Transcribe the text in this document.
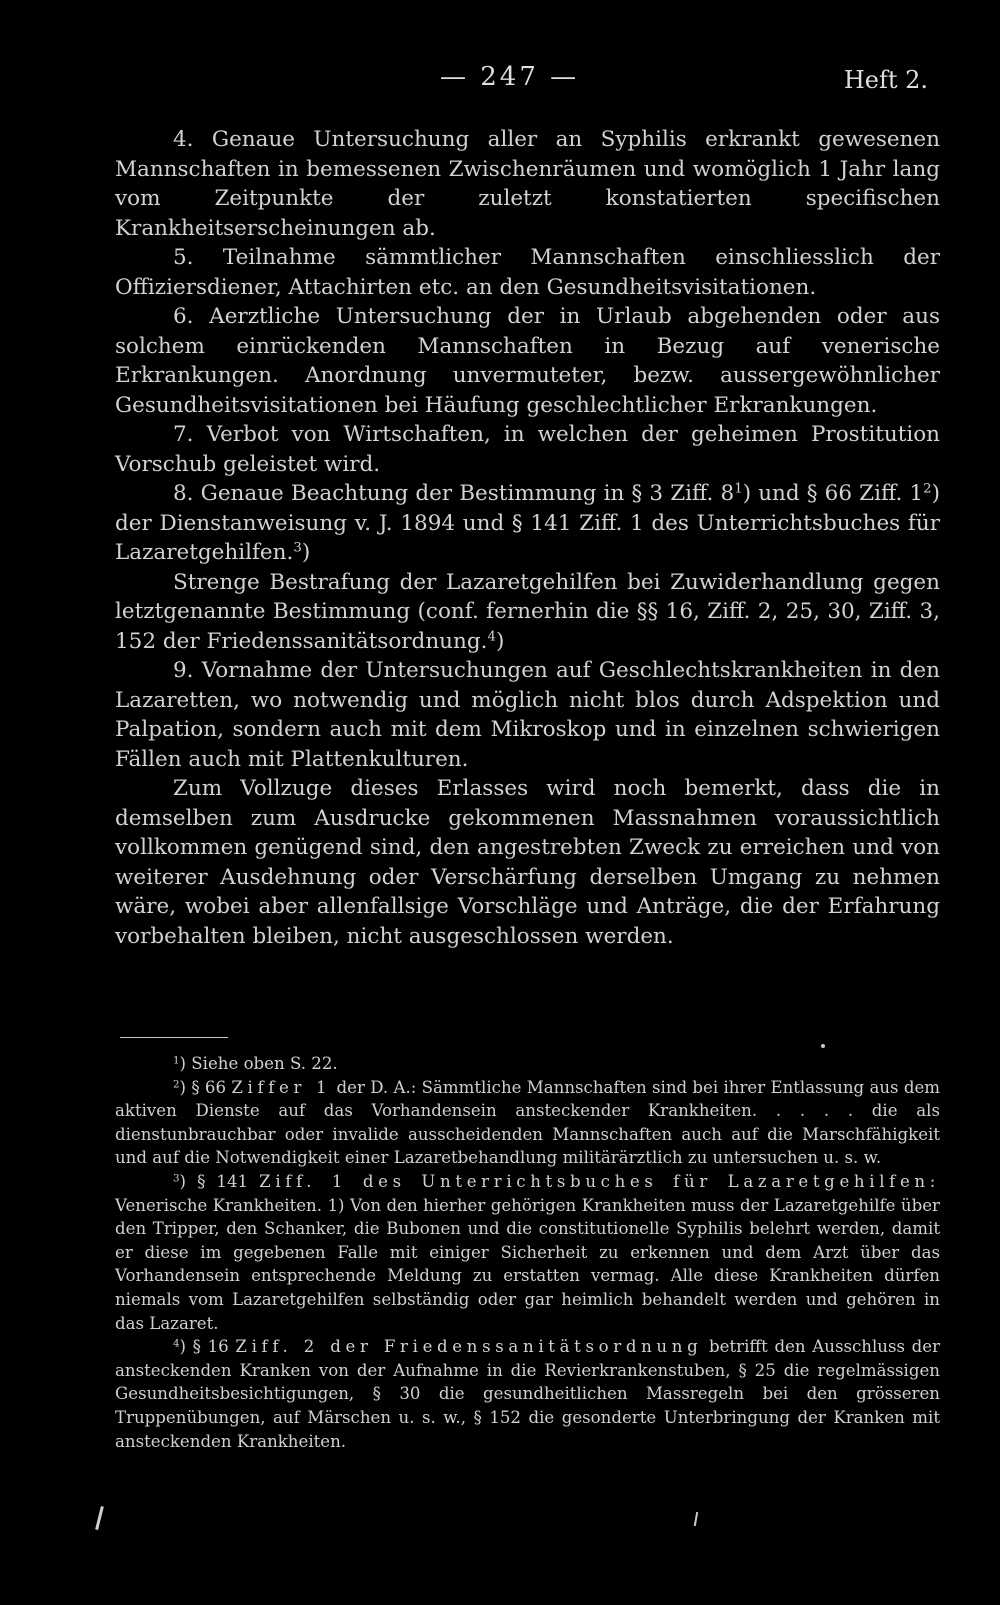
— 247 —	Heft 2.

4. Genaue Untersuchung aller an Syphilis erkrankt gewesenen Mannschaften in bemessenen Zwischenräumen und womöglich 1 Jahr lang vom Zeitpunkte der zuletzt konstatierten specifischen Krankheitserscheinungen ab.

5. Teilnahme sämmtlicher Mannschaften einschliesslich der Offiziersdiener, Attachirten etc. an den Gesundheitsvisitationen.

6. Aerztliche Untersuchung der in Urlaub abgehenden oder aus solchem einrückenden Mannschaften in Bezug auf venerische Erkrankungen. Anordnung unvermuteter, bezw. aussergewöhnlicher Gesundheitsvisitationen bei Häufung geschlechtlicher Erkrankungen.

7. Verbot von Wirtschaften, in welchen der geheimen Prostitution Vorschub geleistet wird.

8. Genaue Beachtung der Bestimmung in § 3 Ziff. $8^1$) und § 66 Ziff. $1^2$) der Dienstanweisung v. J. 1894 und § 141 Ziff. 1 des Unterrichtsbuches für Lazaretgehilfen.$^3$)

Strenge Bestrafung der Lazaretgehilfen bei Zuwiderhandlung gegen letztgenannte Bestimmung (conf. fernerhin die §§ 16, Ziff. 2, 25, 30, Ziff. 3, 152 der Friedenssanitätsordnung.$^4$)

9. Vornahme der Untersuchungen auf Geschlechtskrankheiten in den Lazaretten, wo notwendig und möglich nicht blos durch Adspektion und Palpation, sondern auch mit dem Mikroskop und in einzelnen schwierigen Fällen auch mit Plattenkulturen.

Zum Vollzuge dieses Erlasses wird noch bemerkt, dass die in demselben zum Ausdrucke gekommenen Massnahmen voraussichtlich vollkommen genügend sind, den angestrebten Zweck zu erreichen und von weiterer Ausdehnung oder Verschärfung derselben Umgang zu nehmen wäre, wobei aber allenfallsige Vorschläge und Anträge, die der Erfahrung vorbehalten bleiben, nicht ausgeschlossen werden.

$^1$) Siehe oben S. 22.

$^2$) § 66 Ziffer 1 der D. A.: Sämmtliche Mannschaften sind bei ihrer Entlassung aus dem aktiven Dienste auf das Vorhandensein ansteckender Krankheiten. . . . . die als dienstunbrauchbar oder invalide ausscheidenden Mannschaften auch auf die Marschfähigkeit und auf die Notwendigkeit einer Lazaretbehandlung militärärztlich zu untersuchen u. s. w.

$^3$) § 141 Ziff. 1 des Unterrichtsbuches für Lazaretgehilfen: Venerische Krankheiten. 1) Von den hierher gehörigen Krankheiten muss der Lazaretgehilfe über den Tripper, den Schanker, die Bubonen und die constitutionelle Syphilis belehrt werden, damit er diese im gegebenen Falle mit einiger Sicherheit zu erkennen und dem Arzt über das Vorhandensein entsprechende Meldung zu erstatten vermag. Alle diese Krankheiten dürfen niemals vom Lazaretgehilfen selbständig oder gar heimlich behandelt werden und gehören in das Lazaret.

$^4$) § 16 Ziff. 2 der Friedenssanitätsordnung betrifft den Ausschluss der ansteckenden Kranken von der Aufnahme in die Revierkrankenstuben, § 25 die regelmässigen Gesundheitsbesichtigungen, § 30 die gesundheitlichen Massregeln bei den grösseren Truppenübungen, auf Märschen u. s. w., § 152 die gesonderte Unterbringung der Kranken mit ansteckenden Krankheiten.
